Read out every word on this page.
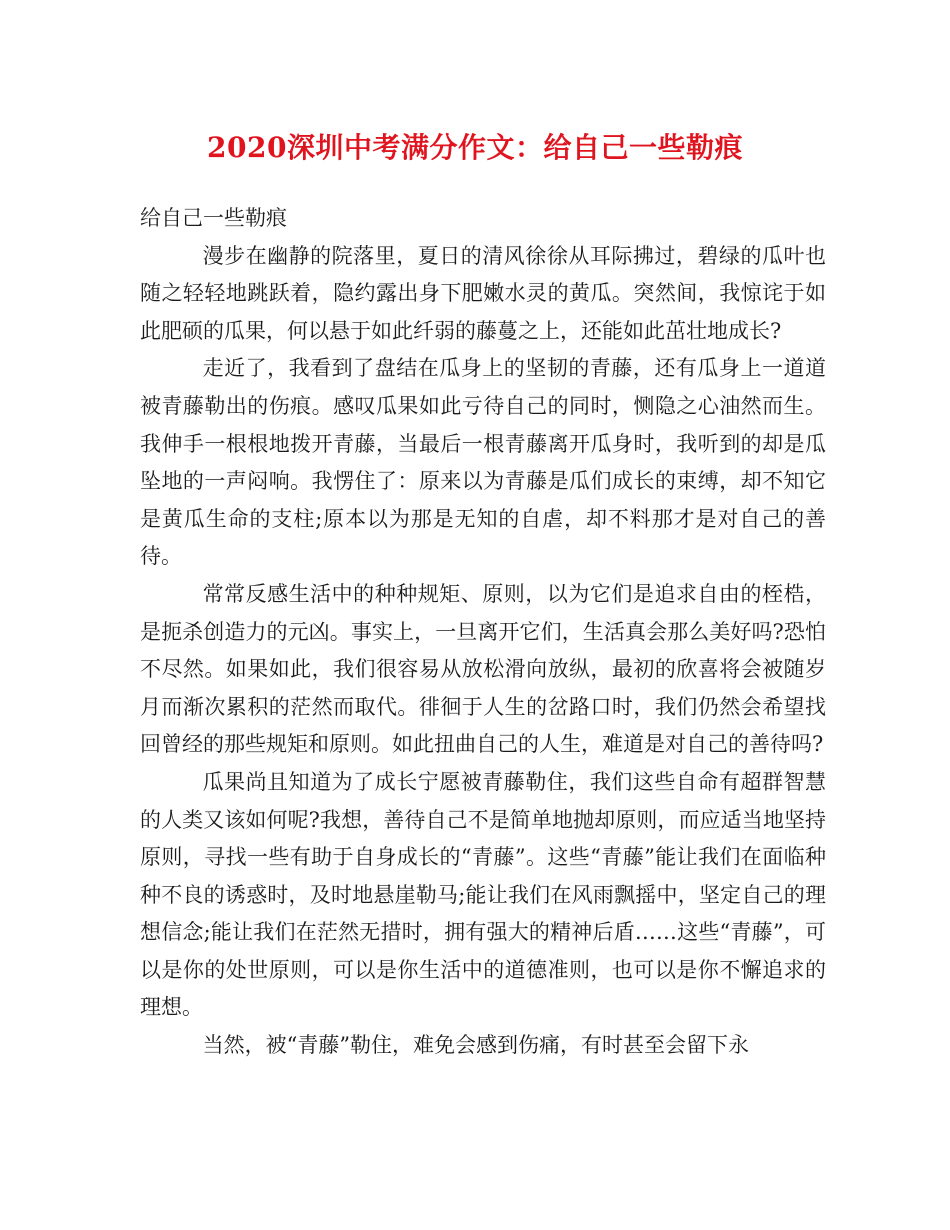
2020深圳中考满分作文：给自己一些勒痕

给自己一些勒痕

漫步在幽静的院落里，夏日的清风徐徐从耳际拂过，碧绿的瓜叶也随之轻轻地跳跃着，隐约露出身下肥嫩水灵的黄瓜。突然间，我惊诧于如此肥硕的瓜果，何以悬于如此纤弱的藤蔓之上，还能如此茁壮地成长?

走近了，我看到了盘结在瓜身上的坚韧的青藤，还有瓜身上一道道被青藤勒出的伤痕。感叹瓜果如此亏待自己的同时，恻隐之心油然而生。我伸手一根根地拨开青藤，当最后一根青藤离开瓜身时，我听到的却是瓜坠地的一声闷响。我愣住了：原来以为青藤是瓜们成长的束缚，却不知它是黄瓜生命的支柱;原本以为那是无知的自虐，却不料那才是对自己的善待。

常常反感生活中的种种规矩、原则，以为它们是追求自由的桎梏，是扼杀创造力的元凶。事实上，一旦离开它们，生活真会那么美好吗?恐怕不尽然。如果如此，我们很容易从放松滑向放纵，最初的欣喜将会被随岁月而渐次累积的茫然而取代。徘徊于人生的岔路口时，我们仍然会希望找回曾经的那些规矩和原则。如此扭曲自己的人生，难道是对自己的善待吗?

瓜果尚且知道为了成长宁愿被青藤勒住，我们这些自命有超群智慧的人类又该如何呢?我想，善待自己不是简单地抛却原则，而应适当地坚持原则，寻找一些有助于自身成长的“青藤”。这些“青藤”能让我们在面临种种不良的诱惑时，及时地悬崖勒马;能让我们在风雨飘摇中，坚定自己的理想信念;能让我们在茫然无措时，拥有强大的精神后盾……这些“青藤”，可以是你的处世原则，可以是你生活中的道德准则，也可以是你不懈追求的理想。

当然，被“青藤”勒住，难免会感到伤痛，有时甚至会留下永
